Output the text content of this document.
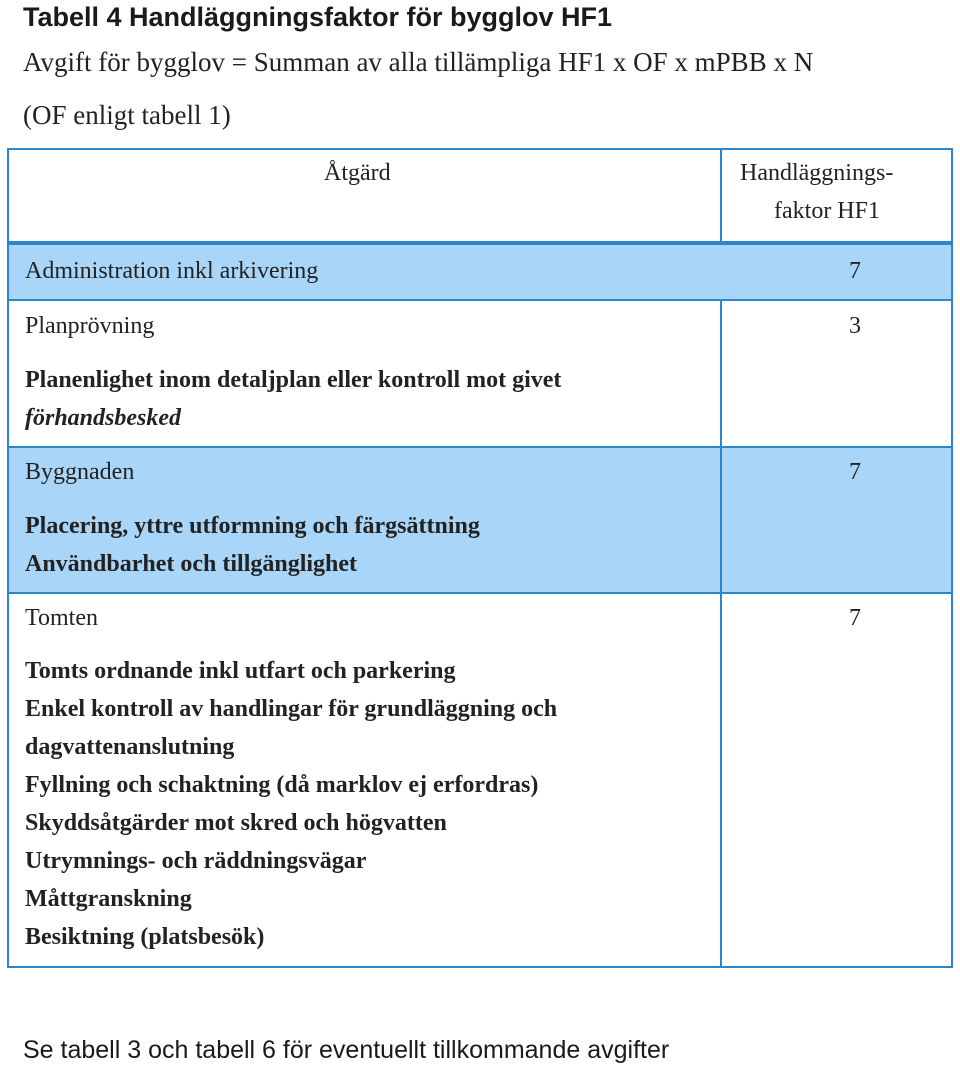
Tabell 4 Handläggningsfaktor för bygglov HF1
Avgift för bygglov = Summan av alla tillämpliga HF1 x OF x mPBB x N
(OF enligt tabell 1)
Åtgärd	Handläggnings-
faktor HF1
Administration inkl arkivering	7
Planprövning
Planenlighet inom detaljplan eller kontroll mot givet
förhandsbesked
3
Byggnaden
Placering, yttre utformning och färgsättning
Användbarhet och tillgänglighet
7
Tomten
Tomts ordnande inkl utfart och parkering
Enkel kontroll av handlingar för grundläggning och
dagvattenanslutning
Fyllning och schaktning (då marklov ej erfordras)
Skyddsåtgärder mot skred och högvatten
Utrymnings- och räddningsvägar
Måttgranskning
Besiktning (platsbesök)
7
Se tabell 3 och tabell 6 för eventuellt tillkommande avgifter
